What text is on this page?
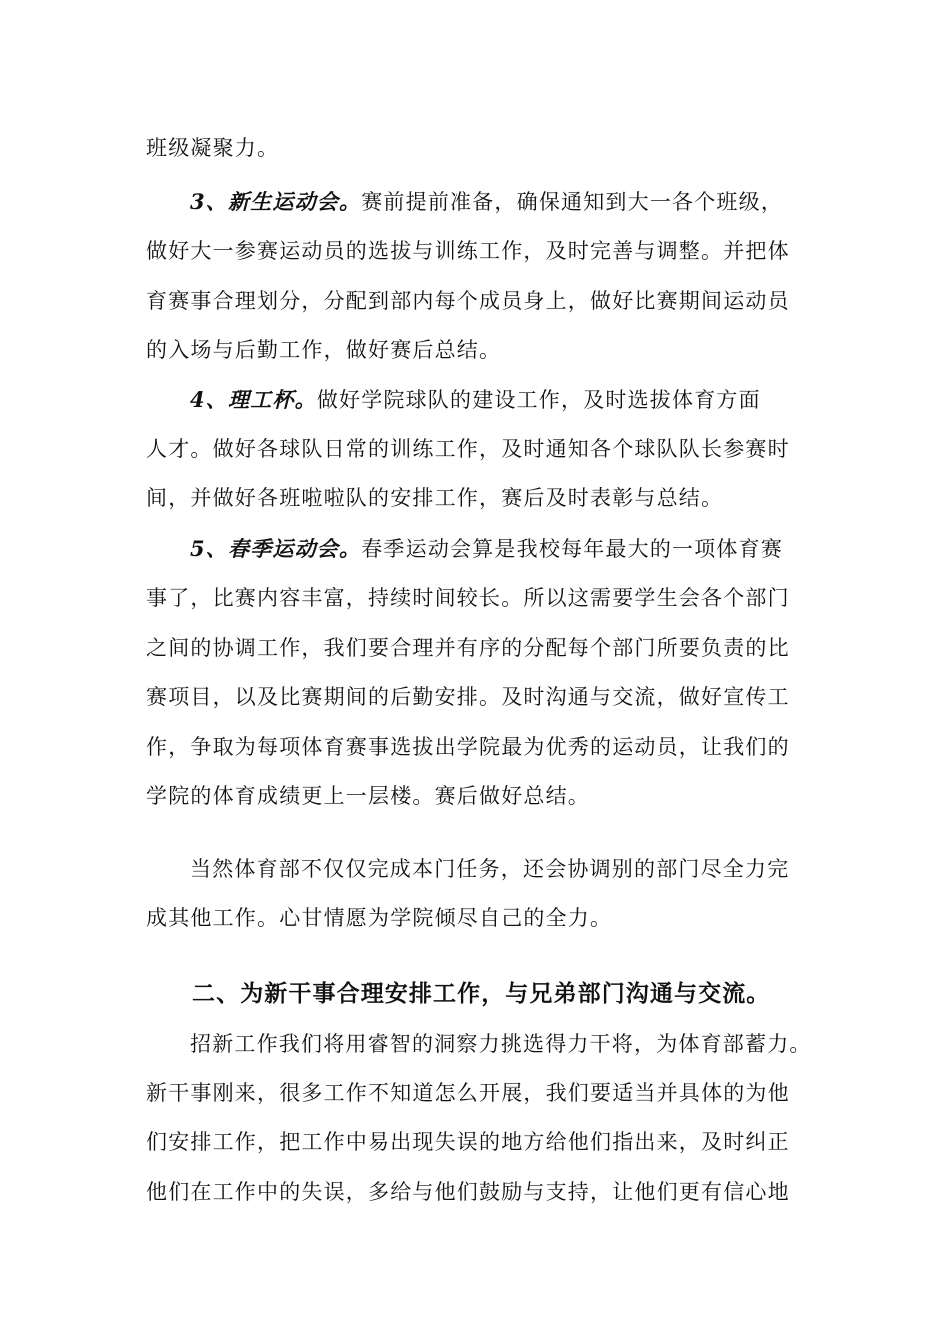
班级凝聚力。
3、新生运动会。赛前提前准备，确保通知到大一各个班级，
做好大一参赛运动员的选拔与训练工作，及时完善与调整。并把体
育赛事合理划分，分配到部内每个成员身上，做好比赛期间运动员
的入场与后勤工作，做好赛后总结。
4、理工杯。做好学院球队的建设工作，及时选拔体育方面
人才。做好各球队日常的训练工作，及时通知各个球队队长参赛时
间，并做好各班啦啦队的安排工作，赛后及时表彰与总结。
5、春季运动会。春季运动会算是我校每年最大的一项体育赛
事了，比赛内容丰富，持续时间较长。所以这需要学生会各个部门
之间的协调工作，我们要合理并有序的分配每个部门所要负责的比
赛项目，以及比赛期间的后勤安排。及时沟通与交流，做好宣传工
作，争取为每项体育赛事选拔出学院最为优秀的运动员，让我们的
学院的体育成绩更上一层楼。赛后做好总结。
当然体育部不仅仅完成本门任务，还会协调别的部门尽全力完
成其他工作。心甘情愿为学院倾尽自己的全力。
二、为新干事合理安排工作，与兄弟部门沟通与交流。
招新工作我们将用睿智的洞察力挑选得力干将，为体育部蓄力。
新干事刚来，很多工作不知道怎么开展，我们要适当并具体的为他
们安排工作，把工作中易出现失误的地方给他们指出来，及时纠正
他们在工作中的失误，多给与他们鼓励与支持，让他们更有信心地
